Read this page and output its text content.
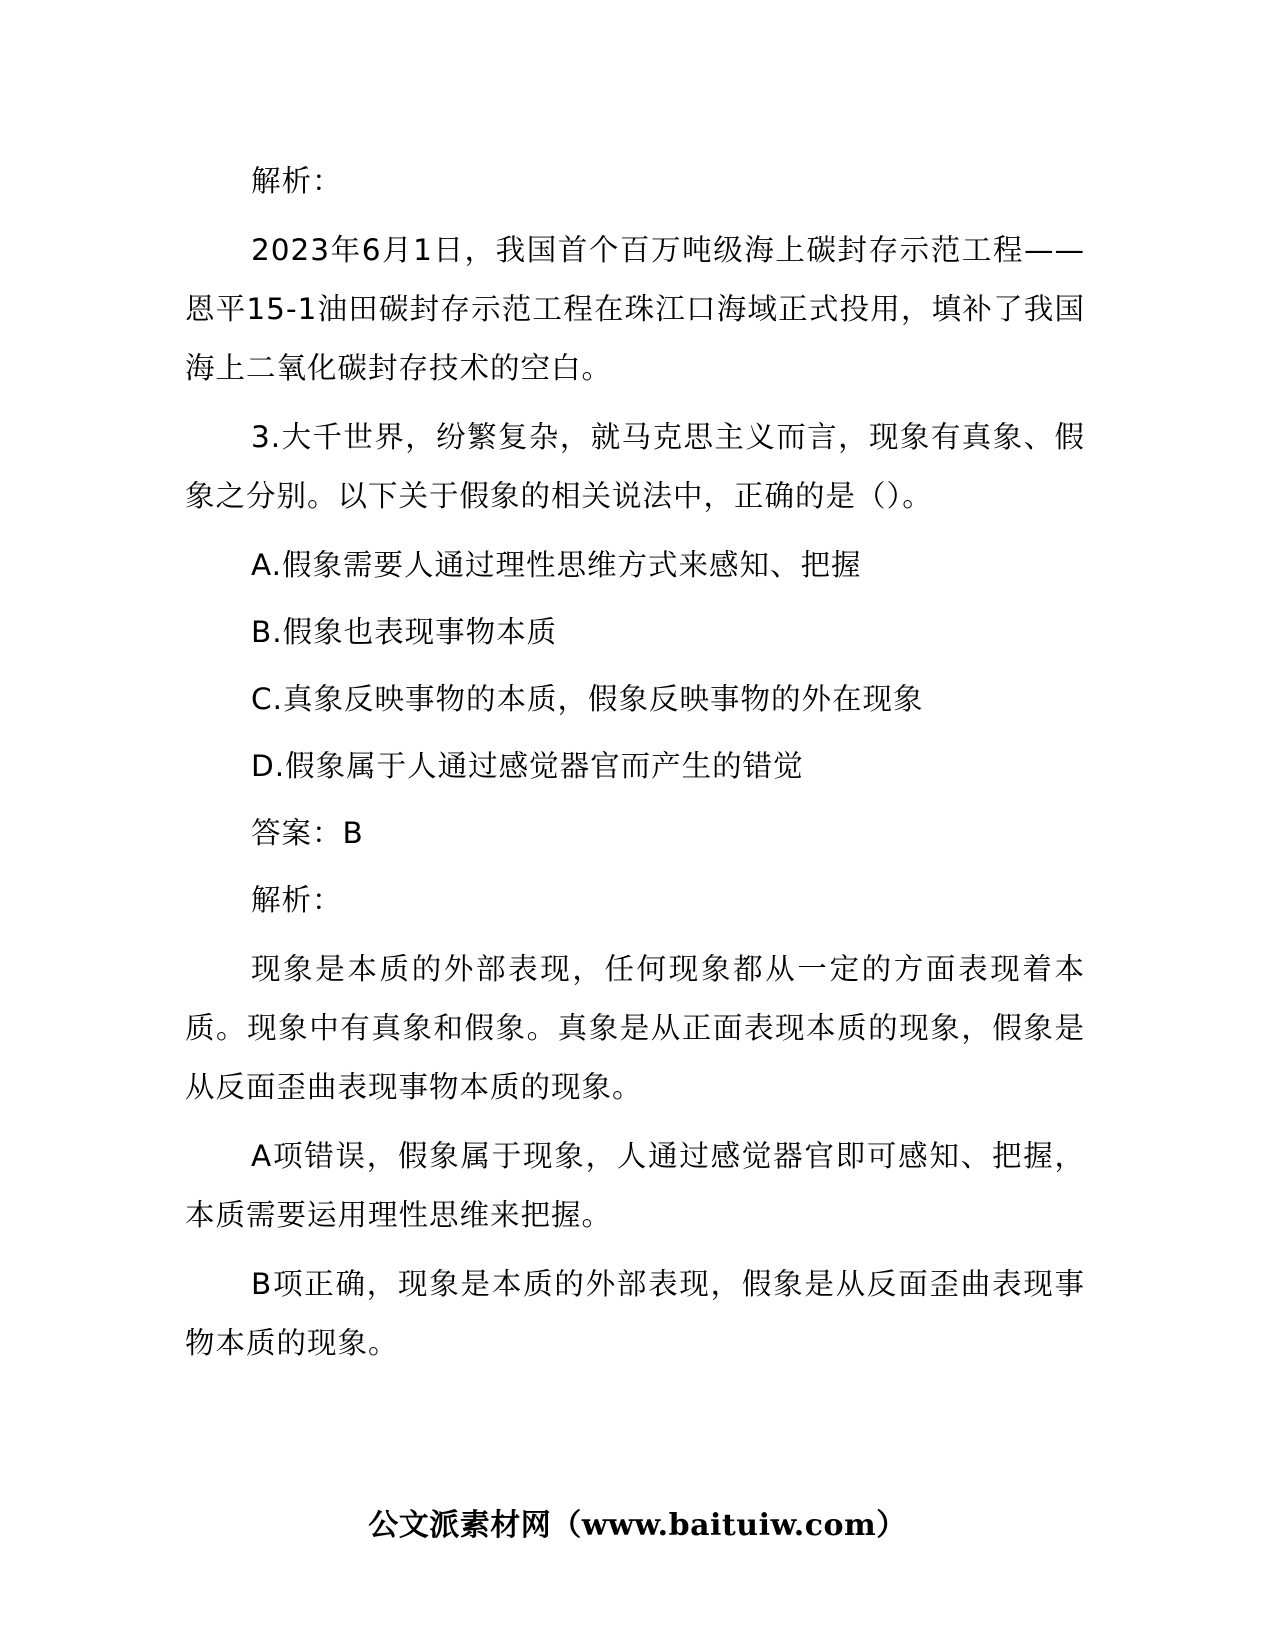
解析：

2023年6月1日，我国首个百万吨级海上碳封存示范工程——恩平15-1油田碳封存示范工程在珠江口海域正式投用，填补了我国海上二氧化碳封存技术的空白。

3.大千世界，纷繁复杂，就马克思主义而言，现象有真象、假象之分别。以下关于假象的相关说法中，正确的是（）。

A.假象需要人通过理性思维方式来感知、把握

B.假象也表现事物本质

C.真象反映事物的本质，假象反映事物的外在现象

D.假象属于人通过感觉器官而产生的错觉

答案：B

解析：

现象是本质的外部表现，任何现象都从一定的方面表现着本质。现象中有真象和假象。真象是从正面表现本质的现象，假象是从反面歪曲表现事物本质的现象。

A项错误，假象属于现象，人通过感觉器官即可感知、把握，本质需要运用理性思维来把握。

B项正确，现象是本质的外部表现，假象是从反面歪曲表现事物本质的现象。

公文派素材网（www.baituiw.com）
